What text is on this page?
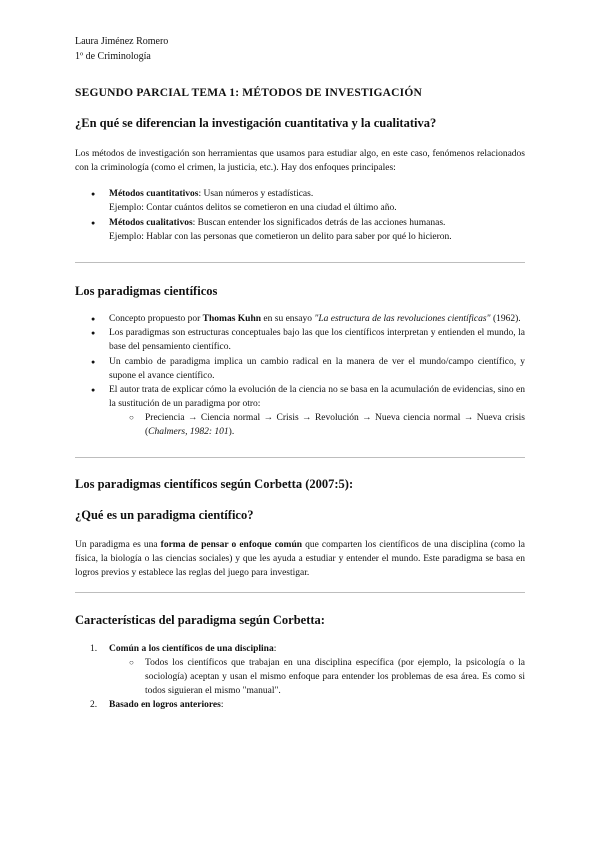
Laura Jiménez Romero
1º de Criminología
SEGUNDO PARCIAL TEMA 1: MÉTODOS DE INVESTIGACIÓN
¿En qué se diferencian la investigación cuantitativa y la cualitativa?

Los métodos de investigación son herramientas que usamos para estudiar algo, en este caso, fenómenos relacionados con la criminología (como el crimen, la justicia, etc.). Hay dos enfoques principales:

● Métodos cuantitativos: Usan números y estadísticas.
Ejemplo: Contar cuántos delitos se cometieron en una ciudad el último año.
● Métodos cualitativos: Buscan entender los significados detrás de las acciones humanas.
Ejemplo: Hablar con las personas que cometieron un delito para saber por qué lo hicieron.
Los paradigmas científicos
● Concepto propuesto por Thomas Kuhn en su ensayo "La estructura de las revoluciones científicas" (1962).
● Los paradigmas son estructuras conceptuales bajo las que los científicos interpretan y entienden el mundo, la base del pensamiento científico.
● Un cambio de paradigma implica un cambio radical en la manera de ver el mundo/campo científico, y supone el avance científico.
● El autor trata de explicar cómo la evolución de la ciencia no se basa en la acumulación de evidencias, sino en la sustitución de un paradigma por otro:
○ Preciencia → Ciencia normal → Crisis → Revolución → Nueva ciencia normal → Nueva crisis (Chalmers, 1982: 101).
Los paradigmas científicos según Corbetta (2007:5):
¿Qué es un paradigma científico?

Un paradigma es una forma de pensar o enfoque común que comparten los científicos de una disciplina (como la física, la biología o las ciencias sociales) y que les ayuda a estudiar y entender el mundo. Este paradigma se basa en logros previos y establece las reglas del juego para investigar.

Características del paradigma según Corbetta:
1. Común a los científicos de una disciplina:
○ Todos los científicos que trabajan en una disciplina específica (por ejemplo, la psicología o la sociología) aceptan y usan el mismo enfoque para entender los problemas de esa área. Es como si todos siguieran el mismo "manual".
2. Basado en logros anteriores:
